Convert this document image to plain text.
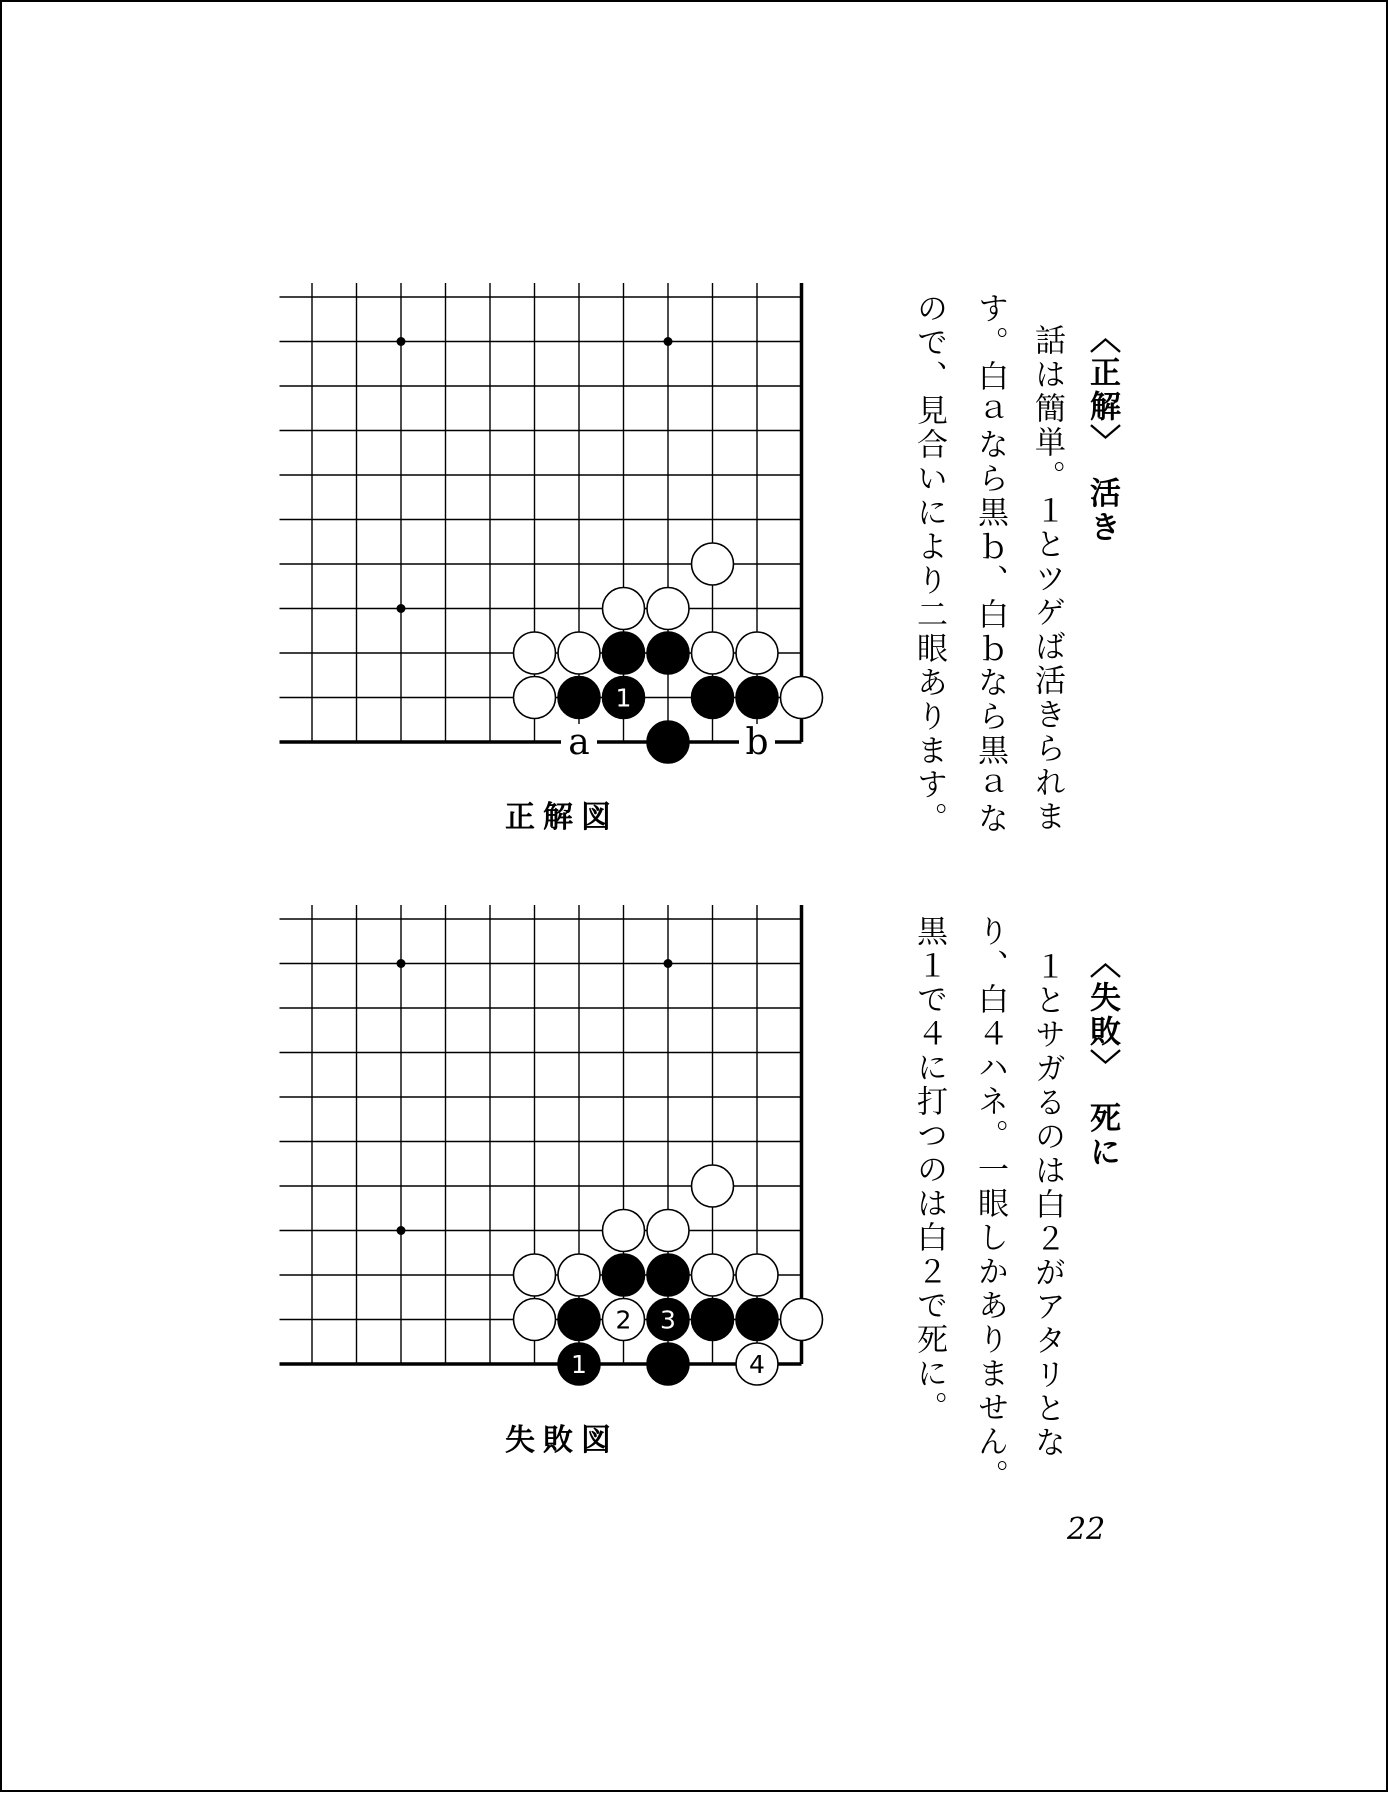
a	b
1
正解図
2 3
1	4
失敗図
〈正解〉　活き
話は簡単。１とツゲば活きられま
す。白ａなら黒ｂ、白ｂなら黒ａな
ので、見合いにより二眼あります。
〈失敗〉　死に
１とサガるのは白２がアタリとな
り、白４ハネ。一眼しかありません。
黒１で４に打つのは白２で死に。
22
